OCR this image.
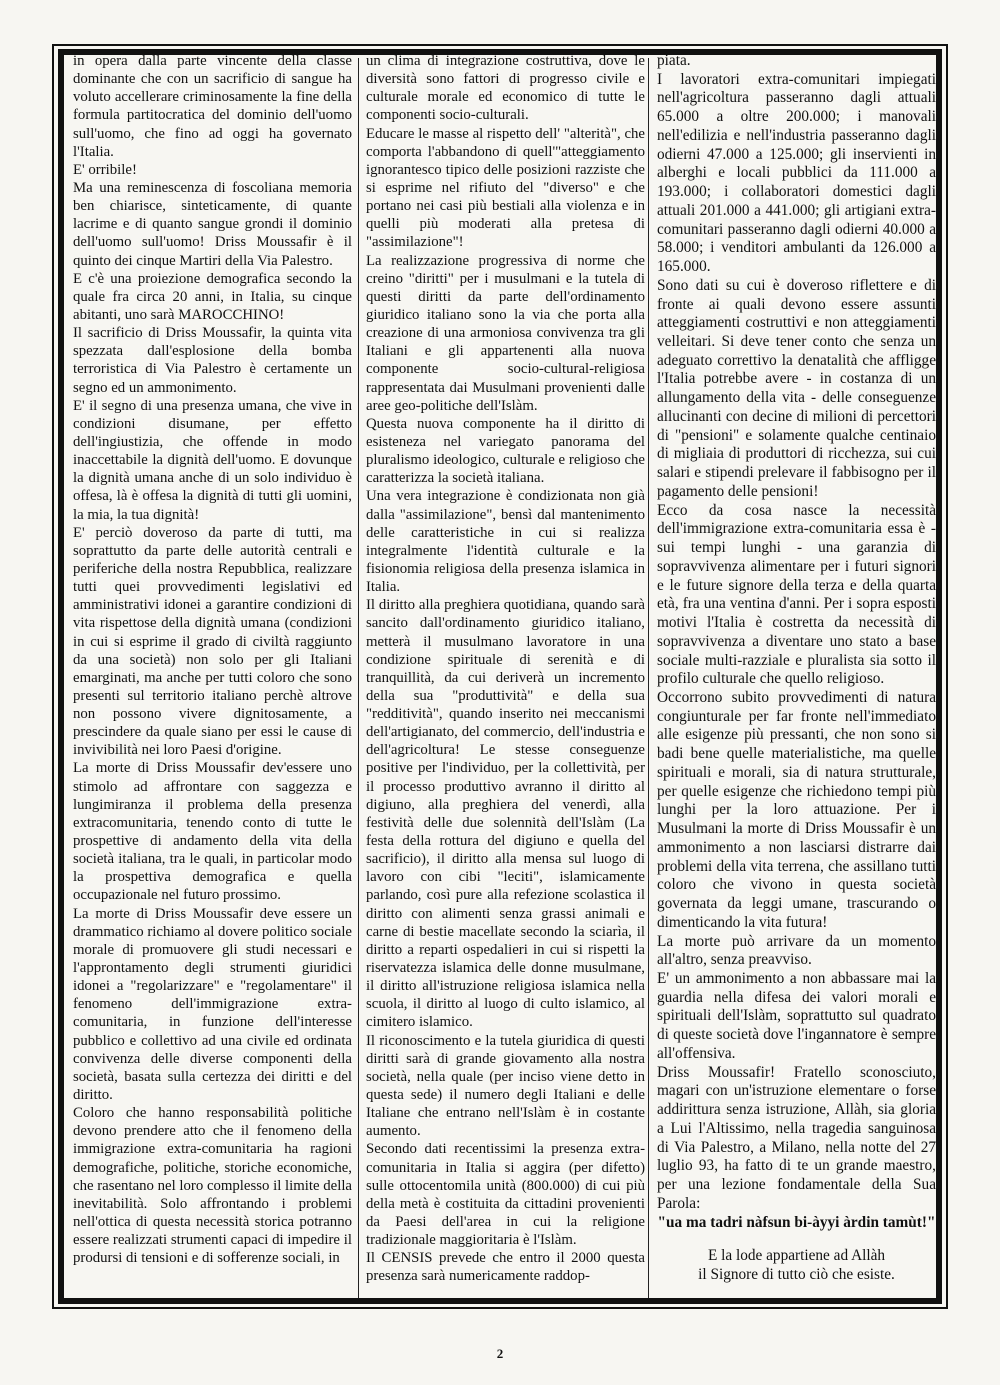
in opera dalla parte vincente della classe dominante che con un sacrificio di sangue ha voluto accellerare criminosamente la fine della formula partitocratica del dominio dell'uomo sull'uomo, che fino ad oggi ha governato l'Italia.

E' orribile!

Ma una reminescenza di foscoliana memoria ben chiarisce, sinteticamente, di quante lacrime e di quanto sangue grondi il dominio dell'uomo sull'uomo! Driss Moussafir è il quinto dei cinque Martiri della Via Palestro.

E c'è una proiezione demografica secondo la quale fra circa 20 anni, in Italia, su cinque abitanti, uno sarà MAROCCHINO!

Il sacrificio di Driss Moussafir, la quinta vita spezzata dall'esplosione della bomba terroristica di Via Palestro è certamente un segno ed un ammonimento.

E' il segno di una presenza umana, che vive in condizioni disumane, per effetto dell'ingiustizia, che offende in modo inaccettabile la dignità dell'uomo. E dovunque la dignità umana anche di un solo individuo è offesa, là è offesa la dignità di tutti gli uomini, la mia, la tua dignità!

E' perciò doveroso da parte di tutti, ma soprattutto da parte delle autorità centrali e periferiche della nostra Repubblica, realizzare tutti quei provvedimenti legislativi ed amministrativi idonei a garantire condizioni di vita rispettose della dignità umana (condizioni in cui si esprime il grado di civiltà raggiunto da una società) non solo per gli Italiani emarginati, ma anche per tutti coloro che sono presenti sul territorio italiano perchè altrove non possono vivere dignitosamente, a prescindere da quale siano per essi le cause di invivibilità nei loro Paesi d'origine.

La morte di Driss Moussafir dev'essere uno stimolo ad affrontare con saggezza e lungimiranza il problema della presenza extracomunitaria, tenendo conto di tutte le prospettive di andamento della vita della società italiana, tra le quali, in particolar modo la prospettiva demografica e quella occupazionale nel futuro prossimo.

La morte di Driss Moussafir deve essere un drammatico richiamo al dovere politico sociale morale di promuovere gli studi necessari e l'approntamento degli strumenti giuridici idonei a "regolarizzare" e "regolamentare" il fenomeno dell'immigrazione extra-comunitaria, in funzione dell'interesse pubblico e collettivo ad una civile ed ordinata convivenza delle diverse componenti della società, basata sulla certezza dei diritti e del diritto.

Coloro che hanno responsabilità politiche devono prendere atto che il fenomeno della immigrazione extra-comunitaria ha ragioni demografiche, politiche, storiche economiche, che rasentano nel loro complesso il limite della inevitabilità. Solo affrontando i problemi nell'ottica di questa necessità storica potranno essere realizzati strumenti capaci di impedire il prodursi di tensioni e di sofferenze sociali, in

un clima di integrazione costruttiva, dove le diversità sono fattori di progresso civile e culturale morale ed economico di tutte le componenti socio-culturali.

Educare le masse al rispetto dell' "alterità", che comporta l'abbandono di quell'"atteggiamento ignorantesco tipico delle posizioni razziste che si esprime nel rifiuto del "diverso" e che portano nei casi più bestiali alla violenza e in quelli più moderati alla pretesa di "assimilazione"!

La realizzazione progressiva di norme che creino "diritti" per i musulmani e la tutela di questi diritti da parte dell'ordinamento giuridico italiano sono la via che porta alla creazione di una armoniosa convivenza tra gli Italiani e gli appartenenti alla nuova componente socio-cultural-religiosa rappresentata dai Musulmani provenienti dalle aree geo-politiche dell'Islàm.

Questa nuova componente ha il diritto di esisteneza nel variegato panorama del pluralismo ideologico, culturale e religioso che caratterizza la società italiana.

Una vera integrazione è condizionata non già dalla "assimilazione", bensì dal mantenimento delle caratteristiche in cui si realizza integralmente l'identità culturale e la fisionomia religiosa della presenza islamica in Italia.

Il diritto alla preghiera quotidiana, quando sarà sancito dall'ordinamento giuridico italiano, metterà il musulmano lavoratore in una condizione spirituale di serenità e di tranquillità, da cui deriverà un incremento della sua "produttività" e della sua "redditività", quando inserito nei meccanismi dell'artigianato, del commercio, dell'industria e dell'agricoltura! Le stesse conseguenze positive per l'individuo, per la collettività, per il processo produttivo avranno il diritto al digiuno, alla preghiera del venerdì, alla festività delle due solennità dell'Islàm (La festa della rottura del digiuno e quella del sacrificio), il diritto alla mensa sul luogo di lavoro con cibi "leciti", islamicamente parlando, così pure alla refezione scolastica il diritto con alimenti senza grassi animali e carne di bestie macellate secondo la sciarìa, il diritto a reparti ospedalieri in cui si rispetti la riservatezza islamica delle donne musulmane, il diritto all'istruzione religiosa islamica nella scuola, il diritto al luogo di culto islamico, al cimitero islamico.

Il riconoscimento e la tutela giuridica di questi diritti sarà di grande giovamento alla nostra società, nella quale (per inciso viene detto in questa sede) il numero degli Italiani e delle Italiane che entrano nell'Islàm è in costante aumento.

Secondo dati recentissimi la presenza extra-comunitaria in Italia si aggira (per difetto) sulle ottocentomila unità (800.000) di cui più della metà è costituita da cittadini provenienti da Paesi dell'area in cui la religione tradizionale maggioritaria è l'Islàm.

Il CENSIS prevede che entro il 2000 questa presenza sarà numericamente raddop-

piata.

I lavoratori extra-comunitari impiegati nell'agricoltura passeranno dagli attuali 65.000 a oltre 200.000; i manovali nell'edilizia e nell'industria passeranno dagli odierni 47.000 a 125.000; gli inservienti in alberghi e locali pubblici da 111.000 a 193.000; i collaboratori domestici dagli attuali 201.000 a 441.000; gli artigiani extra-comunitari passeranno dagli odierni 40.000 a 58.000; i venditori ambulanti da 126.000 a 165.000.

Sono dati su cui è doveroso riflettere e di fronte ai quali devono essere assunti atteggiamenti costruttivi e non atteggiamenti velleitari. Si deve tener conto che senza un adeguato correttivo la denatalità che affligge l'Italia potrebbe avere - in costanza di un allungamento della vita - delle conseguenze allucinanti con decine di milioni di percettori di "pensioni" e solamente qualche centinaio di migliaia di produttori di ricchezza, sui cui salari e stipendi prelevare il fabbisogno per il pagamento delle pensioni!

Ecco da cosa nasce la necessità dell'immigrazione extra-comunitaria essa è - sui tempi lunghi - una garanzia di sopravvivenza alimentare per i futuri signori e le future signore della terza e della quarta età, fra una ventina d'anni. Per i sopra esposti motivi l'Italia è costretta da necessità di sopravvivenza a diventare uno stato a base sociale multi-razziale e pluralista sia sotto il profilo culturale che quello religioso.

Occorrono subito provvedimenti di natura congiunturale per far fronte nell'immediato alle esigenze più pressanti, che non sono si badi bene quelle materialistiche, ma quelle spirituali e morali, sia di natura strutturale, per quelle esigenze che richiedono tempi più lunghi per la loro attuazione. Per i Musulmani la morte di Driss Moussafir è un ammonimento a non lasciarsi distrarre dai problemi della vita terrena, che assillano tutti coloro che vivono in questa società governata da leggi umane, trascurando o dimenticando la vita futura!

La morte può arrivare da un momento all'altro, senza preavviso.

E' un ammonimento a non abbassare mai la guardia nella difesa dei valori morali e spirituali dell'Islàm, soprattutto sul quadrato di queste società dove l'ingannatore è sempre all'offensiva.

Driss Moussafir! Fratello sconosciuto, magari con un'istruzione elementare o forse addirittura senza istruzione, Allàh, sia gloria a Lui l'Altissimo, nella tragedia sanguinosa di Via Palestro, a Milano, nella notte del 27 luglio 93, ha fatto di te un grande maestro, per una lezione fondamentale della Sua Parola:

"ua ma tadri nàfsun bi-àyyi àrdin tamùt!"

E la lode appartiene ad Allàh

il Signore di tutto ciò che esiste.

2
